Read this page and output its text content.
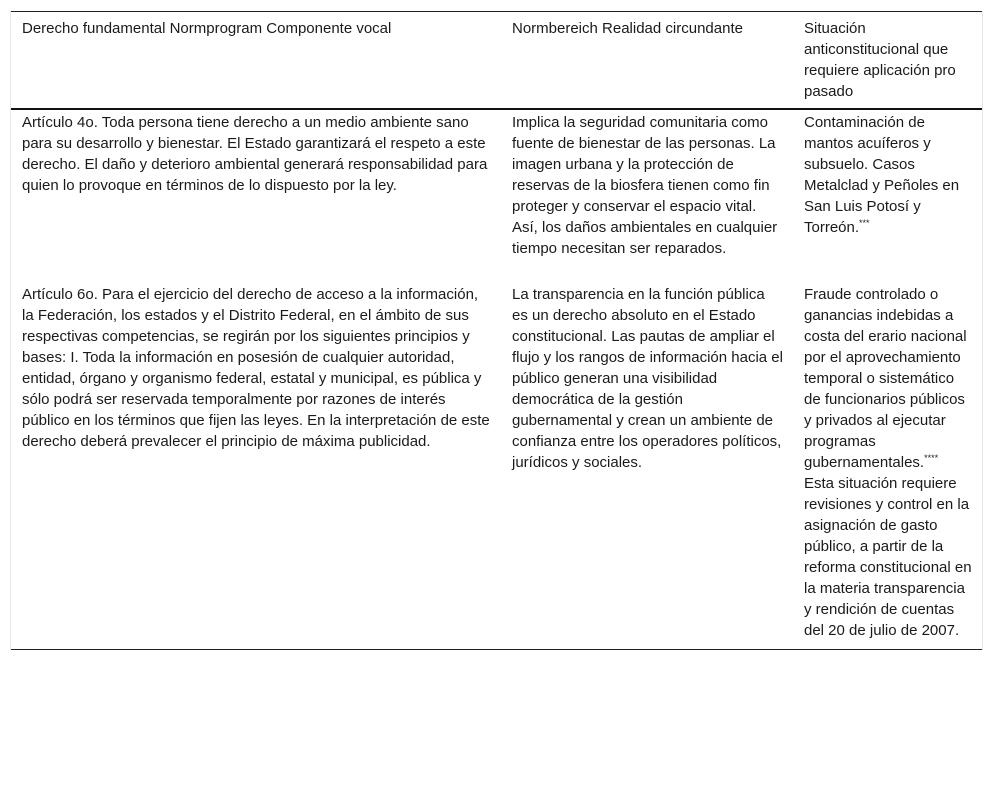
Derecho fundamental Normprogram Componente vocal	Normbereich Realidad circundante	Situación anticonstitucional que requiere aplicación pro pasado
Artículo 4o. Toda persona tiene derecho a un medio ambiente sano para su desarrollo y bienestar. El Estado garantizará el respeto a este derecho. El daño y deterioro ambiental generará responsabilidad para quien lo provoque en términos de lo dispuesto por la ley.	Implica la seguridad comunitaria como fuente de bienestar de las personas. La imagen urbana y la protección de reservas de la biosfera tienen como fin proteger y conservar el espacio vital. Así, los daños ambientales en cualquier tiempo necesitan ser reparados.	Contaminación de mantos acuíferos y subsuelo. Casos Metalclad y Peñoles en San Luis Potosí y Torreón.***
Artículo 6o. Para el ejercicio del derecho de acceso a la información, la Federación, los estados y el Distrito Federal, en el ámbito de sus respectivas competencias, se regirán por los siguientes principios y bases: I. Toda la información en posesión de cualquier autoridad, entidad, órgano y organismo federal, estatal y municipal, es pública y sólo podrá ser reservada temporalmente por razones de interés público en los términos que fijen las leyes. En la interpretación de este derecho deberá prevalecer el principio de máxima publicidad.	La transparencia en la función pública es un derecho absoluto en el Estado constitucional. Las pautas de ampliar el flujo y los rangos de información hacia el público generan una visibilidad democrática de la gestión gubernamental y crean un ambiente de confianza entre los operadores políticos, jurídicos y sociales.	Fraude controlado o ganancias indebidas a costa del erario nacional por el aprovechamiento temporal o sistemático de funcionarios públicos y privados al ejecutar programas gubernamentales.**** Esta situación requiere revisiones y control en la asignación de gasto público, a partir de la reforma constitucional en la materia transparencia y rendición de cuentas del 20 de julio de 2007.
